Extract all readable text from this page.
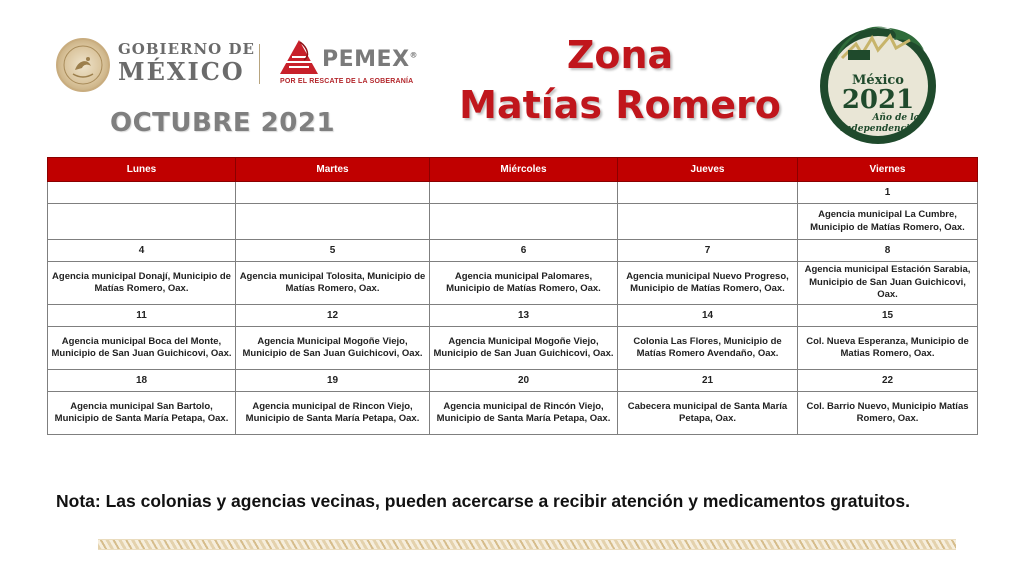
GOBIERNO DE
MÉXICO	PEMEX®
POR EL RESCATE DE LA SOBERANÍA
OCTUBRE 2021
Zona
Matías Romero
México
2021
Año de la
Independencia
Lunes	Martes	Miércoles	Jueves	Viernes
				1
				Agencia municipal La Cumbre, Municipio de Matías Romero, Oax.
4	5	6	7	8
Agencia municipal Donají, Municipio de Matías Romero, Oax.	Agencia municipal Tolosita, Municipio de Matías Romero, Oax.	Agencia municipal Palomares, Municipio de Matías Romero, Oax.	Agencia municipal Nuevo Progreso, Municipio de Matías Romero, Oax.	Agencia municipal Estación Sarabia, Municipio de San Juan Guichicovi, Oax.
11	12	13	14	15
Agencia municipal Boca del Monte, Municipio de San Juan Guichicovi, Oax.	Agencia Municipal Mogoñe Viejo, Municipio de San Juan Guichicovi, Oax.	Agencia Municipal Mogoñe Viejo, Municipio de San Juan Guichicovi, Oax.	Colonia Las Flores, Municipio de Matías Romero Avendaño, Oax.	Col. Nueva Esperanza, Municipio de Matias Romero, Oax.
18	19	20	21	22
Agencia municipal San Bartolo, Municipio de Santa María Petapa, Oax.	Agencia municipal de Rincon Viejo, Municipio de Santa María Petapa, Oax.	Agencia municipal de Rincón Viejo, Municipio de Santa María Petapa, Oax.	Cabecera municipal de Santa María Petapa, Oax.	Col. Barrio Nuevo, Municipio Matías Romero, Oax.
Nota: Las colonias y agencias vecinas, pueden acercarse a recibir atención y medicamentos gratuitos.
